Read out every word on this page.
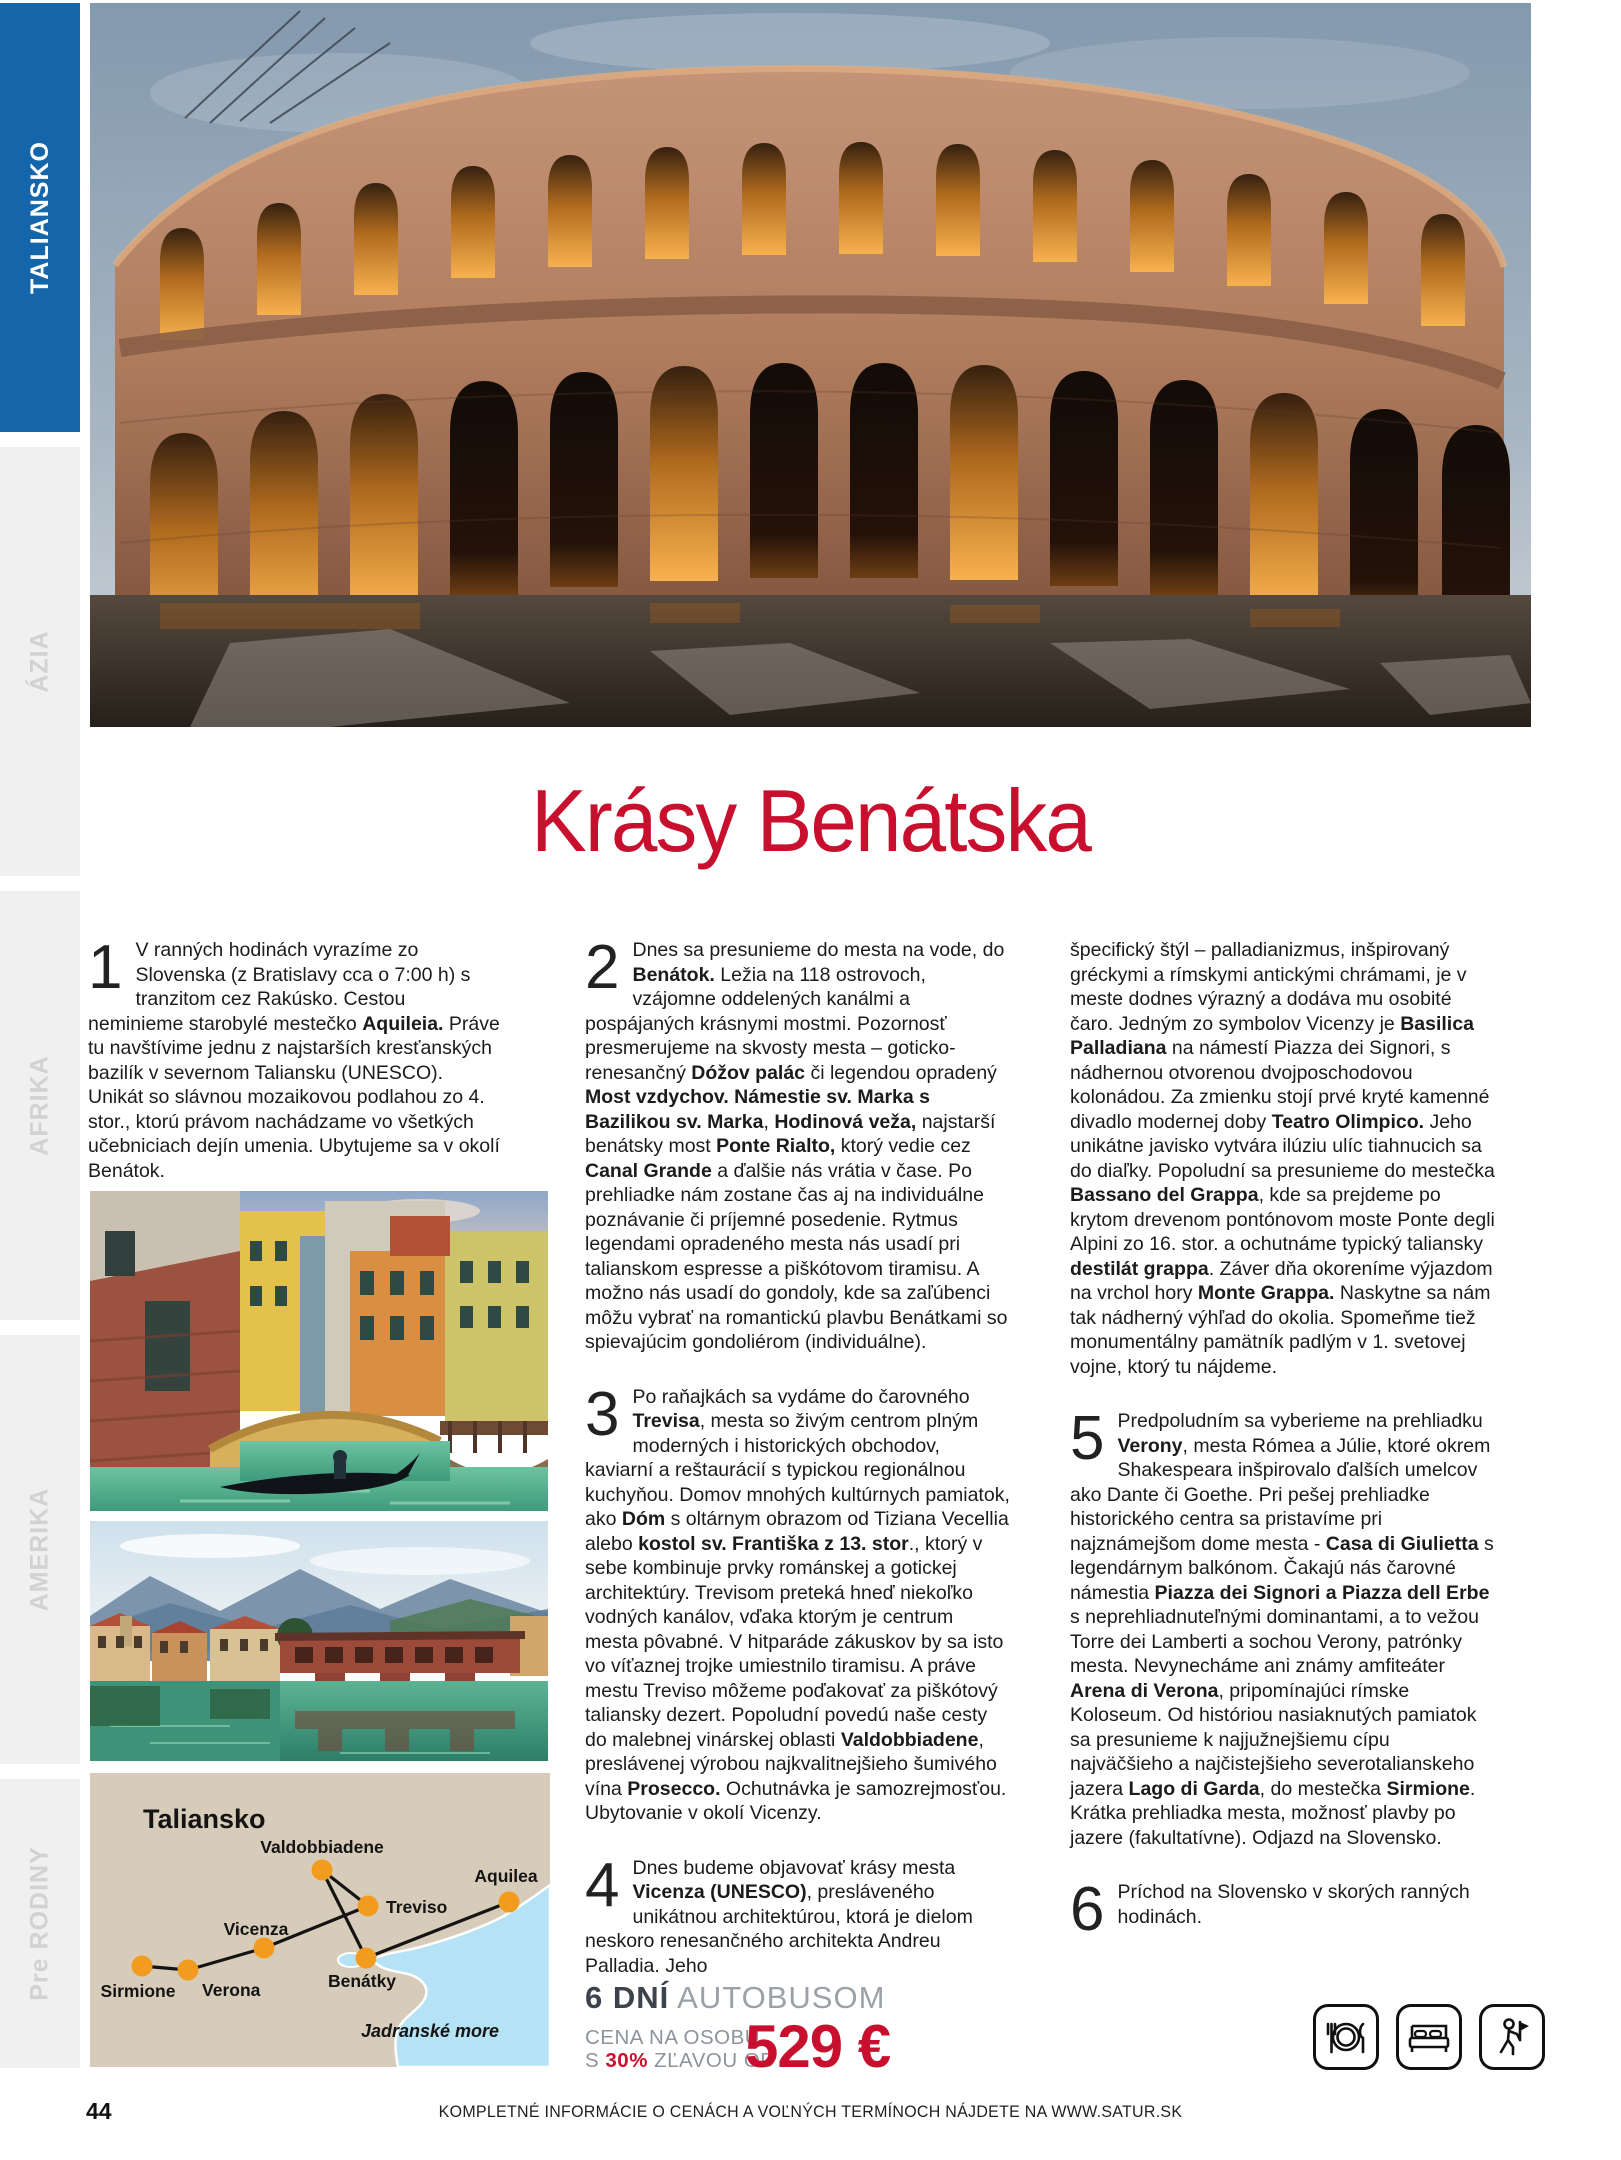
TALIANSKO
ÁZIA
AFRIKA
AMERIKA
Pre RODINY
Krásy Benátska
1 V ranných hodinách vyrazíme zo Slovenska (z Bratislavy cca o 7:00 h) s tranzitom cez Rakúsko. Cestou neminieme starobylé mestečko Aquileia. Práve tu navštívime jednu z najstarších kresťanských bazilík v severnom Taliansku (UNESCO). Unikát so slávnou mozaikovou podlahou zo 4. stor., ktorú právom nachádzame vo všetkých učebniciach dejín umenia. Ubytujeme sa v okolí Benátok.
Taliansko
Valdobbiadene
Treviso
Aquilea
Vicenza
Verona
Sirmione	Benátky
Jadranské more
2 Dnes sa presunieme do mesta na vode, do Benátok. Ležia na 118 ostrovoch, vzájomne oddelených kanálmi a pospájaných krásnymi mostmi. Pozornosť presmerujeme na skvosty mesta – goticko-renesančný Dóžov palác či legendou opradený Most vzdychov. Námestie sv. Marka s Bazilikou sv. Marka, Hodinová veža, najstarší benátsky most Ponte Rialto, ktorý vedie cez Canal Grande a ďalšie nás vrátia v čase. Po prehliadke nám zostane čas aj na individuálne poznávanie či príjemné posedenie. Rytmus legendami opradeného mesta nás usadí pri talianskom espresse a piškótovom tiramisu. A možno nás usadí do gondoly, kde sa zaľúbenci môžu vybrať na romantickú plavbu Benátkami so spievajúcim gondoliérom (individuálne).
3 Po raňajkách sa vydáme do čarovného Trevisa, mesta so živým centrom plným moderných i historických obchodov, kaviarní a reštaurácií s typickou regionálnou kuchyňou. Domov mnohých kultúrnych pamiatok, ako Dóm s oltárnym obrazom od Tiziana Vecellia alebo kostol sv. Františka z 13. stor., ktorý v sebe kombinuje prvky románskej a gotickej architektúry. Trevisom preteká hneď niekoľko vodných kanálov, vďaka ktorým je centrum mesta pôvabné. V hitparáde zákuskov by sa isto vo víťaznej trojke umiestnilo tiramisu. A práve mestu Treviso môžeme poďakovať za piškótový taliansky dezert. Popoludní povedú naše cesty do malebnej vinárskej oblasti Valdobbiadene, preslávenej výrobou najkvalitnejšieho šumivého vína Prosecco. Ochutnávka je samozrejmosťou. Ubytovanie v okolí Vicenzy.
4 Dnes budeme objavovať krásy mesta Vicenza (UNESCO), presláveného unikátnou architektúrou, ktorá je dielom neskoro renesančného architekta Andreu Palladia. Jeho
špecifický štýl – palladianizmus, inšpirovaný gréckymi a rímskymi antickými chrámami, je v meste dodnes výrazný a dodáva mu osobité čaro. Jedným zo symbolov Vicenzy je Basilica Palladiana na námestí Piazza dei Signori, s nádhernou otvorenou dvojposchodovou kolonádou. Za zmienku stojí prvé kryté kamenné divadlo modernej doby Teatro Olimpico. Jeho unikátne javisko vytvára ilúziu ulíc tiahnucich sa do diaľky. Popoludní sa presunieme do mestečka Bassano del Grappa, kde sa prejdeme po krytom drevenom pontónovom moste Ponte degli Alpini zo 16. stor. a ochutnáme typický taliansky destilát grappa. Záver dňa okoreníme výjazdom na vrchol hory Monte Grappa. Naskytne sa nám tak nádherný výhľad do okolia. Spomeňme tiež monumentálny pamätník padlým v 1. svetovej vojne, ktorý tu nájdeme.
5 Predpoludním sa vyberieme na prehliadku Verony, mesta Rómea a Júlie, ktoré okrem Shakespeara inšpirovalo ďalších umelcov ako Dante či Goethe. Pri pešej prehliadke historického centra sa pristavíme pri najznámejšom dome mesta - Casa di Giulietta s legendárnym balkónom. Čakajú nás čarovné námestia Piazza dei Signori a Piazza dell Erbe s neprehliadnuteľnými dominantami, a to vežou Torre dei Lamberti a sochou Verony, patrónky mesta. Nevynecháme ani známy amfiteáter Arena di Verona, pripomínajúci rímske Koloseum. Od históriou nasiaknutých pamiatok sa presunieme k najjužnejšiemu cípu najväčšieho a najčistejšieho severotalianskeho jazera Lago di Garda, do mestečka Sirmione. Krátka prehliadka mesta, možnosť plavby po jazere (fakultatívne). Odjazd na Slovensko.
6 Príchod na Slovensko v skorých ranných hodinách.
6 DNÍ AUTOBUSOM
CENA NA OSOBU
S 30% ZĽAVOU OD
529 €
44	KOMPLETNÉ INFORMÁCIE O CENÁCH A VOĽNÝCH TERMÍNOCH NÁJDETE NA WWW.SATUR.SK
